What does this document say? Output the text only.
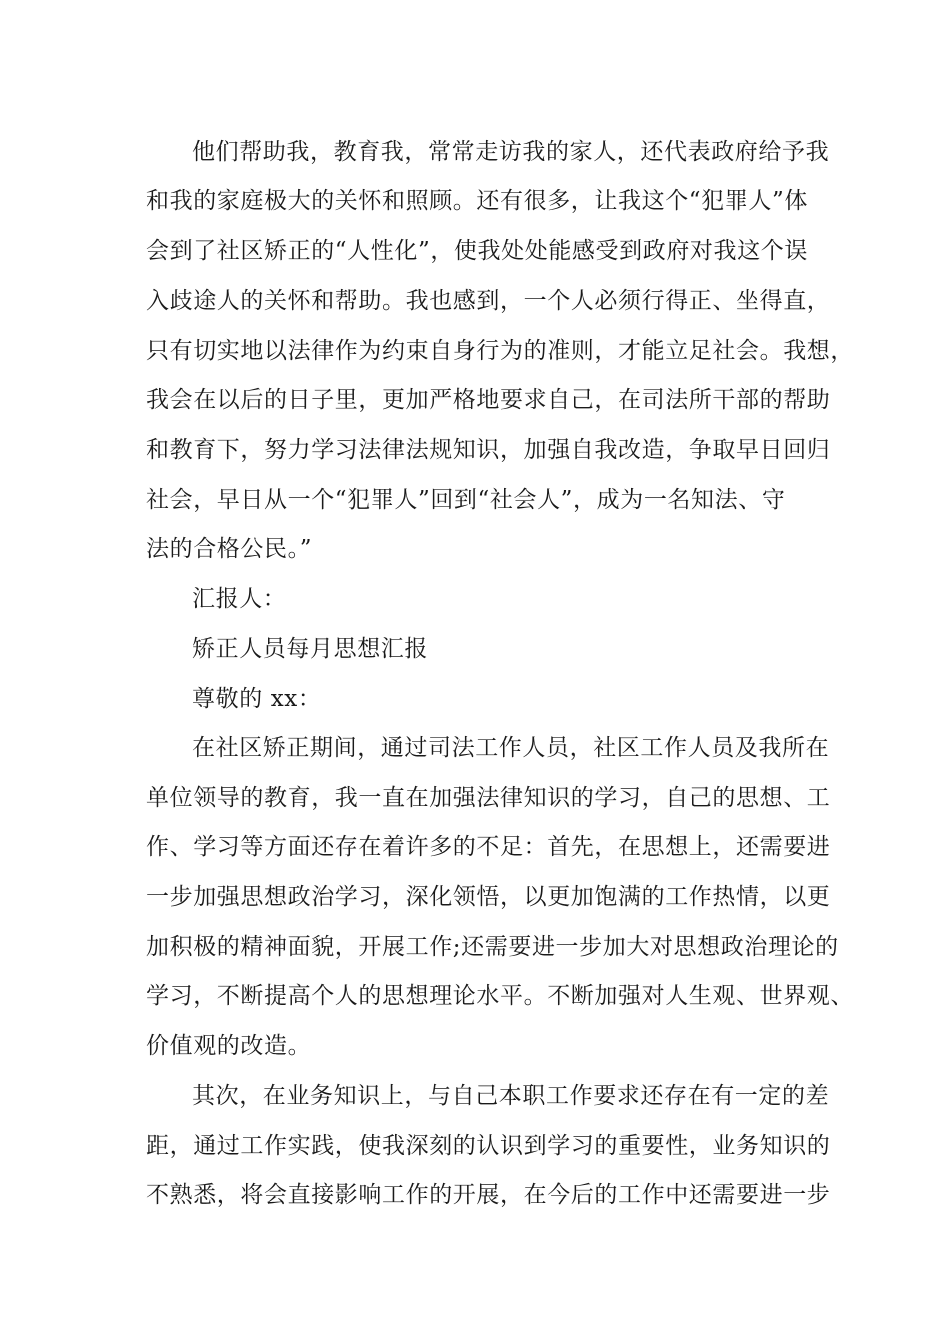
他们帮助我，教育我，常常走访我的家人，还代表政府给予我
和我的家庭极大的关怀和照顾。还有很多，让我这个“犯罪人”体
会到了社区矫正的“人性化”，使我处处能感受到政府对我这个误
入歧途人的关怀和帮助。我也感到，一个人必须行得正、坐得直，
只有切实地以法律作为约束自身行为的准则，才能立足社会。我想，
我会在以后的日子里，更加严格地要求自己，在司法所干部的帮助
和教育下，努力学习法律法规知识，加强自我改造，争取早日回归
社会，早日从一个“犯罪人”回到“社会人”，成为一名知法、守
法的合格公民。”
汇报人：
矫正人员每月思想汇报
尊敬的 xx：
在社区矫正期间，通过司法工作人员，社区工作人员及我所在
单位领导的教育，我一直在加强法律知识的学习，自己的思想、工
作、学习等方面还存在着许多的不足：首先，在思想上，还需要进
一步加强思想政治学习，深化领悟，以更加饱满的工作热情，以更
加积极的精神面貌，开展工作;还需要进一步加大对思想政治理论的
学习，不断提高个人的思想理论水平。不断加强对人生观、世界观、
价值观的改造。
其次，在业务知识上，与自己本职工作要求还存在有一定的差
距，通过工作实践，使我深刻的认识到学习的重要性，业务知识的
不熟悉，将会直接影响工作的开展，在今后的工作中还需要进一步
